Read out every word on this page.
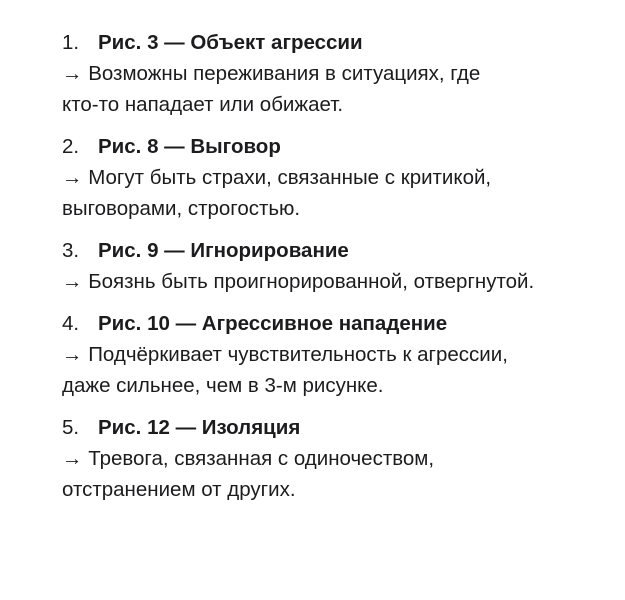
1. Рис. 3 — Объект агрессии
→ Возможны переживания в ситуациях, где
кто-то нападает или обижает.
2. Рис. 8 — Выговор
→ Могут быть страхи, связанные с критикой,
выговорами, строгостью.
3. Рис. 9 — Игнорирование
→ Боязнь быть проигнорированной, отвергнутой.
4. Рис. 10 — Агрессивное нападение
→ Подчёркивает чувствительность к агрессии,
даже сильнее, чем в 3-м рисунке.
5. Рис. 12 — Изоляция
→ Тревога, связанная с одиночеством,
отстранением от других.
